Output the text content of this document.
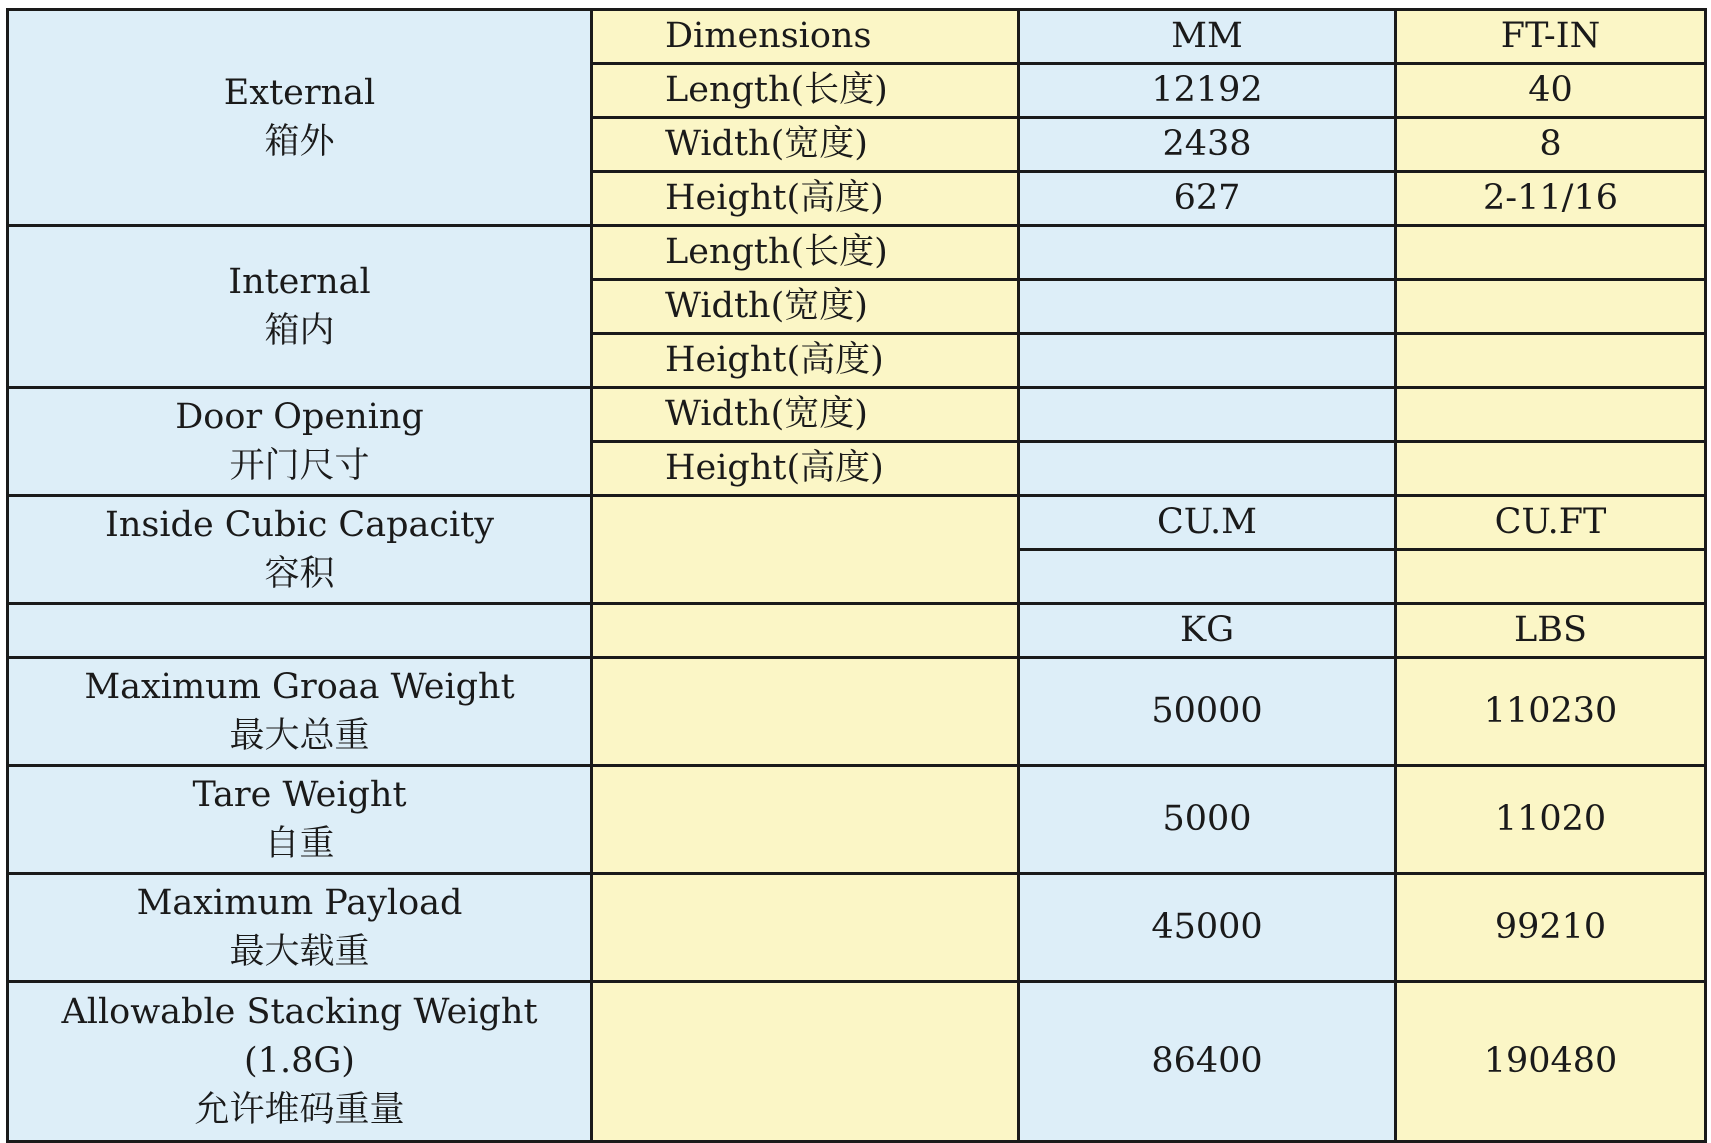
External
箱外	Dimensions	MM	FT-IN
	Length(长度)	12192	40
	Width(宽度)	2438	8
	Height(高度)	627	2-11/16

Internal
箱内	Length(长度)		
	Width(宽度)		
	Height(高度)		

Door Opening
开门尺寸	Width(宽度)		
	Height(高度)		

Inside Cubic Capacity
容积		CU.M	CU.FT

		KG	LBS

Maximum Groaa Weight
最大总重		50000	110230

Tare Weight
自重		5000	11020

Maximum Payload
最大载重		45000	99210

Allowable Stacking Weight
(1.8G)
允许堆码重量		86400	190480
